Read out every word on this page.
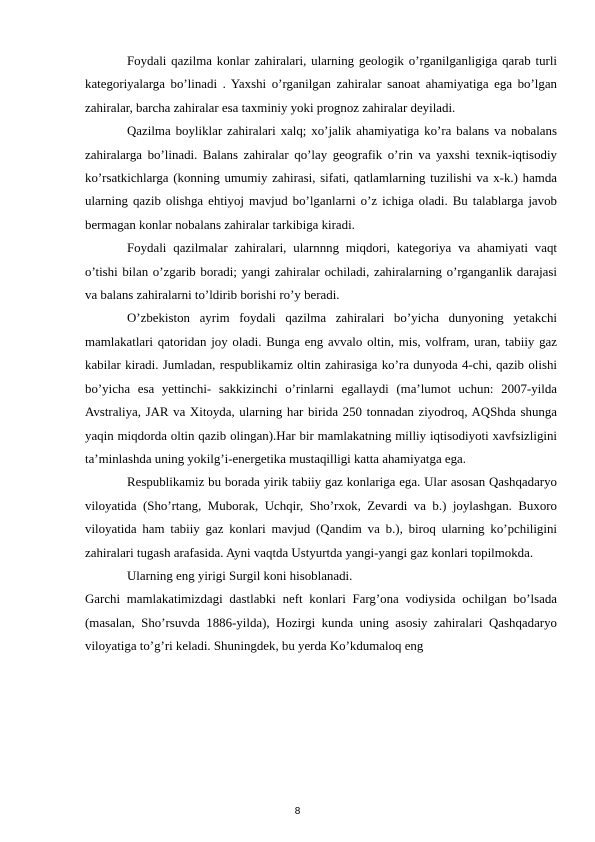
Foydali qazilma konlar zahiralari, ularning geologik o’rganilganligiga qarab turli kategoriyalarga bo’linadi . Yaxshi o’rganilgan zahiralar sanoat ahamiyatiga ega bo’lgan zahiralar, barcha zahiralar esa taxminiy yoki prognoz zahiralar deyiladi.

Qazilma boyliklar zahiralari xalq; xo’jalik ahamiyatiga ko’ra balans va nobalans zahiralarga bo’linadi. Balans zahiralar qo’lay geografik o’rin va yaxshi texnik-iqtisodiy ko’rsatkichlarga (konning umumiy zahirasi, sifati, qatlamlarning tuzilishi va x-k.) hamda ularning qazib olishga ehtiyoj mavjud bo’lganlarni o’z ichiga oladi. Bu talablarga javob bermagan konlar nobalans zahiralar tarkibiga kiradi.

Foydali qazilmalar zahiralari, ularnnng miqdori, kategoriya va ahamiyati vaqt o’tishi bilan o’zgarib boradi; yangi zahiralar ochiladi, zahiralarning o’rganganlik darajasi va balans zahiralarni to’ldirib borishi ro’y beradi.

O’zbekiston ayrim foydali qazilma zahiralari bo’yicha dunyoning yetakchi mamlakatlari qatoridan joy oladi. Bunga eng avvalo oltin, mis, volfram, uran, tabiiy gaz kabilar kiradi. Jumladan, respublikamiz oltin zahirasiga ko’ra dunyoda 4-chi, qazib olishi bo’yicha esa yettinchi- sakkizinchi o’rinlarni egallaydi (ma’lumot uchun: 2007-yilda Avstraliya, JAR va Xitoyda, ularning har birida 250 tonnadan ziyodroq, AQShda shunga yaqin miqdorda oltin qazib olingan).Har bir mamlakatning milliy iqtisodiyoti xavfsizligini ta’minlashda uning yokilg’i-energetika mustaqilligi katta ahamiyatga ega.

Respublikamiz bu borada yirik tabiiy gaz konlariga ega. Ular asosan Qashqadaryo viloyatida (Sho’rtang, Muborak, Uchqir, Sho’rxok, Zevardi va b.) joylashgan. Buxoro viloyatida ham tabiiy gaz konlari mavjud (Qandim va b.), biroq ularning ko’pchiligini zahiralari tugash arafasida. Ayni vaqtda Ustyurtda yangi-yangi gaz konlari topilmokda.

Ularning eng yirigi Surgil koni hisoblanadi.

Garchi mamlakatimizdagi dastlabki neft konlari Farg’ona vodiysida ochilgan bo’lsada (masalan, Sho’rsuvda 1886-yilda), Hozirgi kunda uning asosiy zahiralari Qashqadaryo viloyatiga to’g’ri keladi. Shuningdek, bu yerda Ko’kdumaloq eng

8
